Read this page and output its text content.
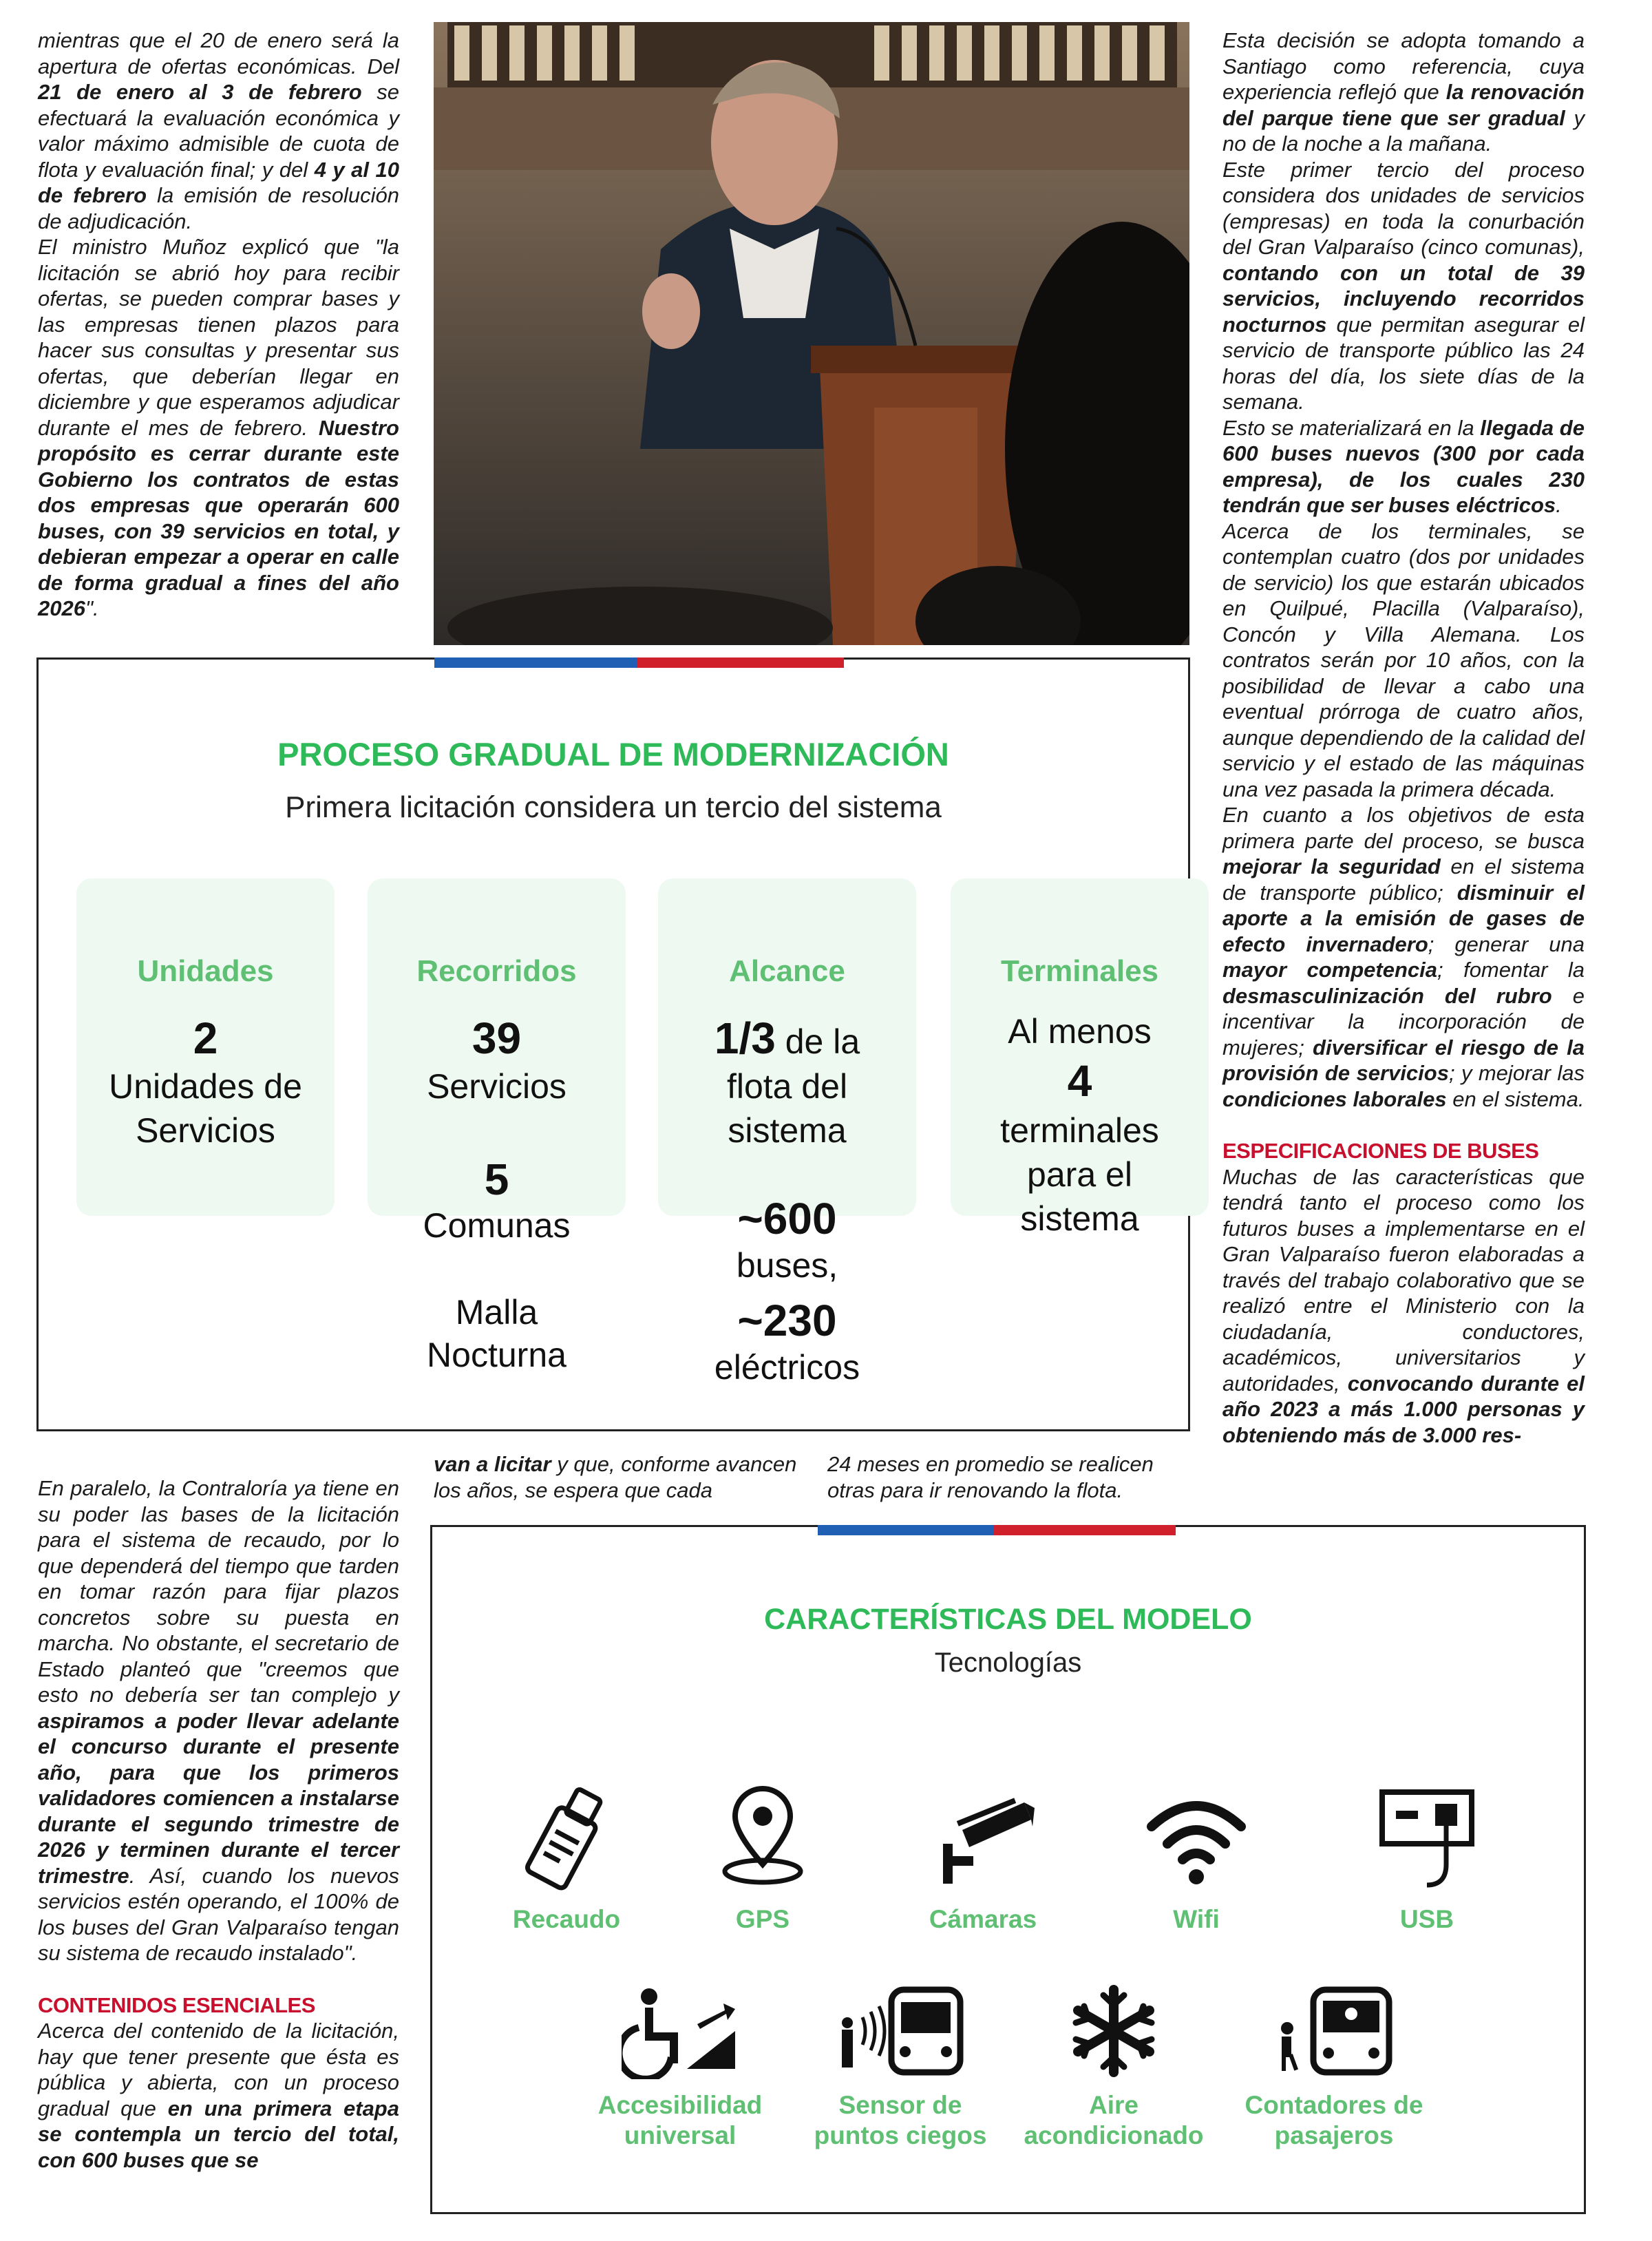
mientras que el 20 de enero será la apertura de ofertas económicas. Del 21 de enero al 3 de febrero se efectuará la evaluación económica y valor máximo admisible de cuota de flota y evaluación final; y del 4 y al 10 de febrero la emisión de resolución de adjudicación.

El ministro Muñoz explicó que "la licitación se abrió hoy para recibir ofertas, se pueden comprar bases y las empresas tienen plazos para hacer sus consultas y presentar sus ofertas, que deberían llegar en diciembre y que esperamos adjudicar durante el mes de febrero. Nuestro propósito es cerrar durante este Gobierno los contratos de estas dos empresas que operarán 600 buses, con 39 servicios en total, y debieran empezar a operar en calle de forma gradual a fines del año 2026".

Esta decisión se adopta tomando a Santiago como referencia, cuya experiencia reflejó que la renovación del parque tiene que ser gradual y no de la noche a la mañana.

Este primer tercio del proceso considera dos unidades de servicios (empresas) en toda la conurbación del Gran Valparaíso (cinco comunas), contando con un total de 39 servicios, incluyendo recorridos nocturnos que permitan asegurar el servicio de transporte público las 24 horas del día, los siete días de la semana.

Esto se materializará en la llegada de 600 buses nuevos (300 por cada empresa), de los cuales 230 tendrán que ser buses eléctricos.

Acerca de los terminales, se contemplan cuatro (dos por unidades de servicio) los que estarán ubicados en Quilpué, Placilla (Valparaíso), Concón y Villa Alemana. Los contratos serán por 10 años, con la posibilidad de llevar a cabo una eventual prórroga de cuatro años, aunque dependiendo de la calidad del servicio y el estado de las máquinas una vez pasada la primera década.

En cuanto a los objetivos de esta primera parte del proceso, se busca mejorar la seguridad en el sistema de transporte público; disminuir el aporte a la emisión de gases de efecto invernadero; generar una mayor competencia; fomentar la desmasculinización del rubro e incentivar la incorporación de mujeres; diversificar el riesgo de la provisión de servicios; y mejorar las condiciones laborales en el sistema.

ESPECIFICACIONES DE BUSES

Muchas de las características que tendrá tanto el proceso como los futuros buses a implementarse en el Gran Valparaíso fueron elaboradas a través del trabajo colaborativo que se realizó entre el Ministerio con la ciudadanía, conductores, académicos, universitarios y autoridades, convocando durante el año 2023 a más 1.000 personas y obteniendo más de 3.000 res-

PROCESO GRADUAL DE MODERNIZACIÓN
Primera licitación considera un tercio del sistema
Unidades
2
Unidades de
Servicios
Recorridos
39
Servicios
5
Comunas
Malla
Nocturna
Alcance
1/3 de la
flota del
sistema
~600
buses,
~230
eléctricos
Terminales
Al menos
4
terminales
para el
sistema

van a licitar y que, conforme avancen los años, se espera que cada

24 meses en promedio se realicen otras para ir renovando la flota.

En paralelo, la Contraloría ya tiene en su poder las bases de la licitación para el sistema de recaudo, por lo que dependerá del tiempo que tarden en tomar razón para fijar plazos concretos sobre su puesta en marcha. No obstante, el secretario de Estado planteó que "creemos que esto no debería ser tan complejo y aspiramos a poder llevar adelante el concurso durante el presente año, para que los primeros validadores comiencen a instalarse durante el segundo trimestre de 2026 y terminen durante el tercer trimestre. Así, cuando los nuevos servicios estén operando, el 100% de los buses del Gran Valparaíso tengan su sistema de recaudo instalado".

CONTENIDOS ESENCIALES

Acerca del contenido de la licitación, hay que tener presente que ésta es pública y abierta, con un proceso gradual que en una primera etapa se contempla un tercio del total, con 600 buses que se

CARACTERÍSTICAS DEL MODELO
Tecnologías
Recaudo	GPS	Cámaras	Wifi	USB
Accesibilidad universal
Sensor de puntos ciegos
Aire acondicionado
Contadores de pasajeros
